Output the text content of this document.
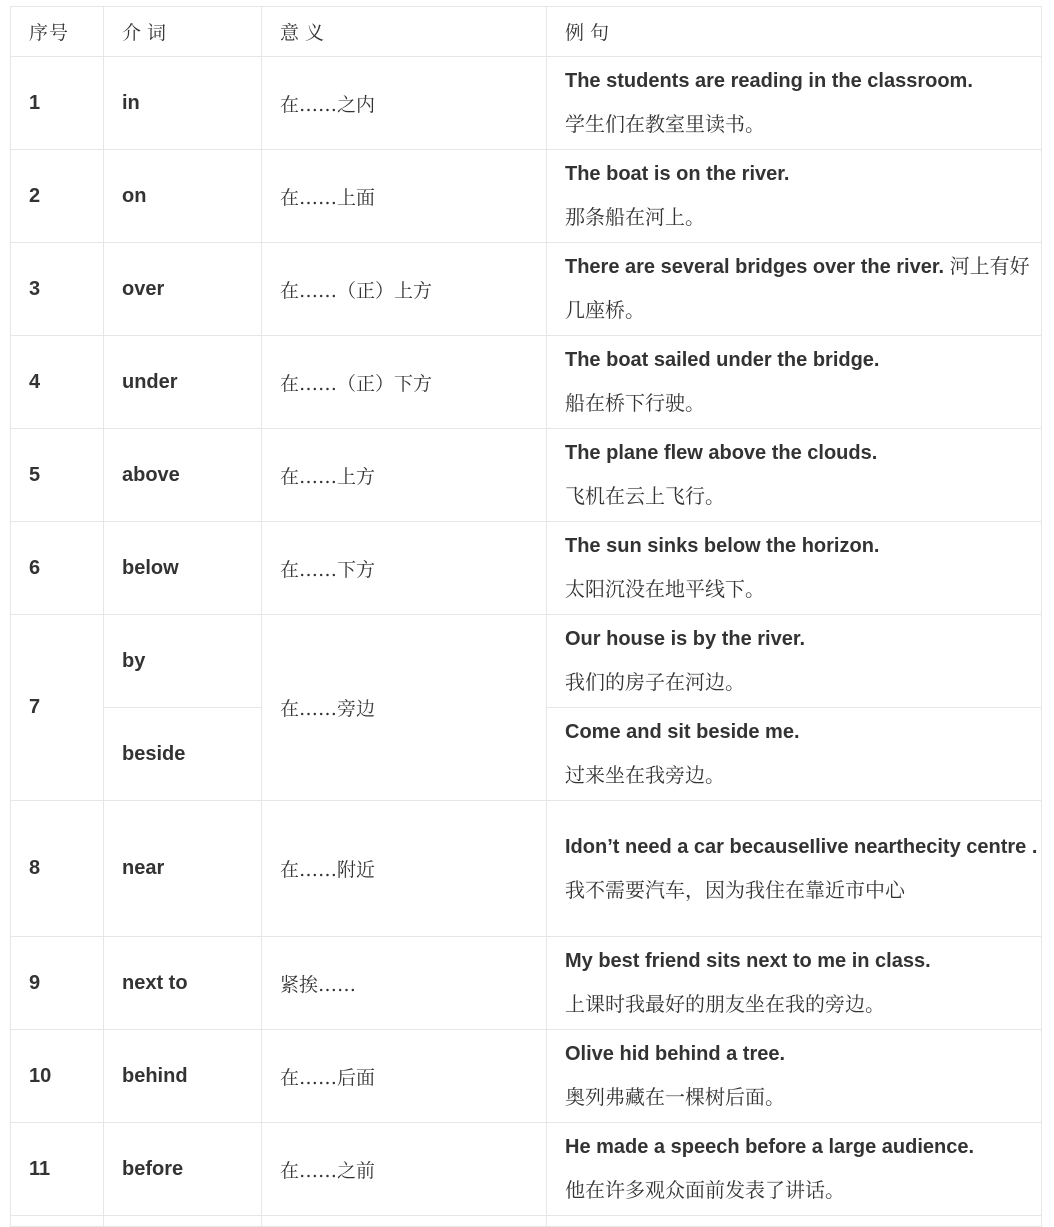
序号	介词	意义	例句
1	in	在……之内	The students are reading in the classroom.
学生们在教室里读书。

2	on	在……上面	The boat is on the river.
那条船在河上。

3	over	在……（正）上方	There are several bridges over the river. 河上有好几座桥。

4	under	在……（正）下方	The boat sailed under the bridge.
船在桥下行驶。

5	above	在……上方	The plane flew above the clouds.
飞机在云上飞行。

6	below	在……下方	The sun sinks below the horizon.
太阳沉没在地平线下。

7	by	在……旁边	Our house is by the river.
我们的房子在河边。

	beside		Come and sit beside me.
过来坐在我旁边。

8	near	在……附近	Idon’t need a car becauseIlive nearthecity centre .
我不需要汽车，因为我住在靠近市中心

9	next to	紧挨……	My best friend sits next to me in class.
上课时我最好的朋友坐在我的旁边。

10	behind	在……后面	Olive hid behind a tree.
奥列弗藏在一棵树后面。

11	before	在……之前	He made a speech before a large audience.
他在许多观众面前发表了讲话。
